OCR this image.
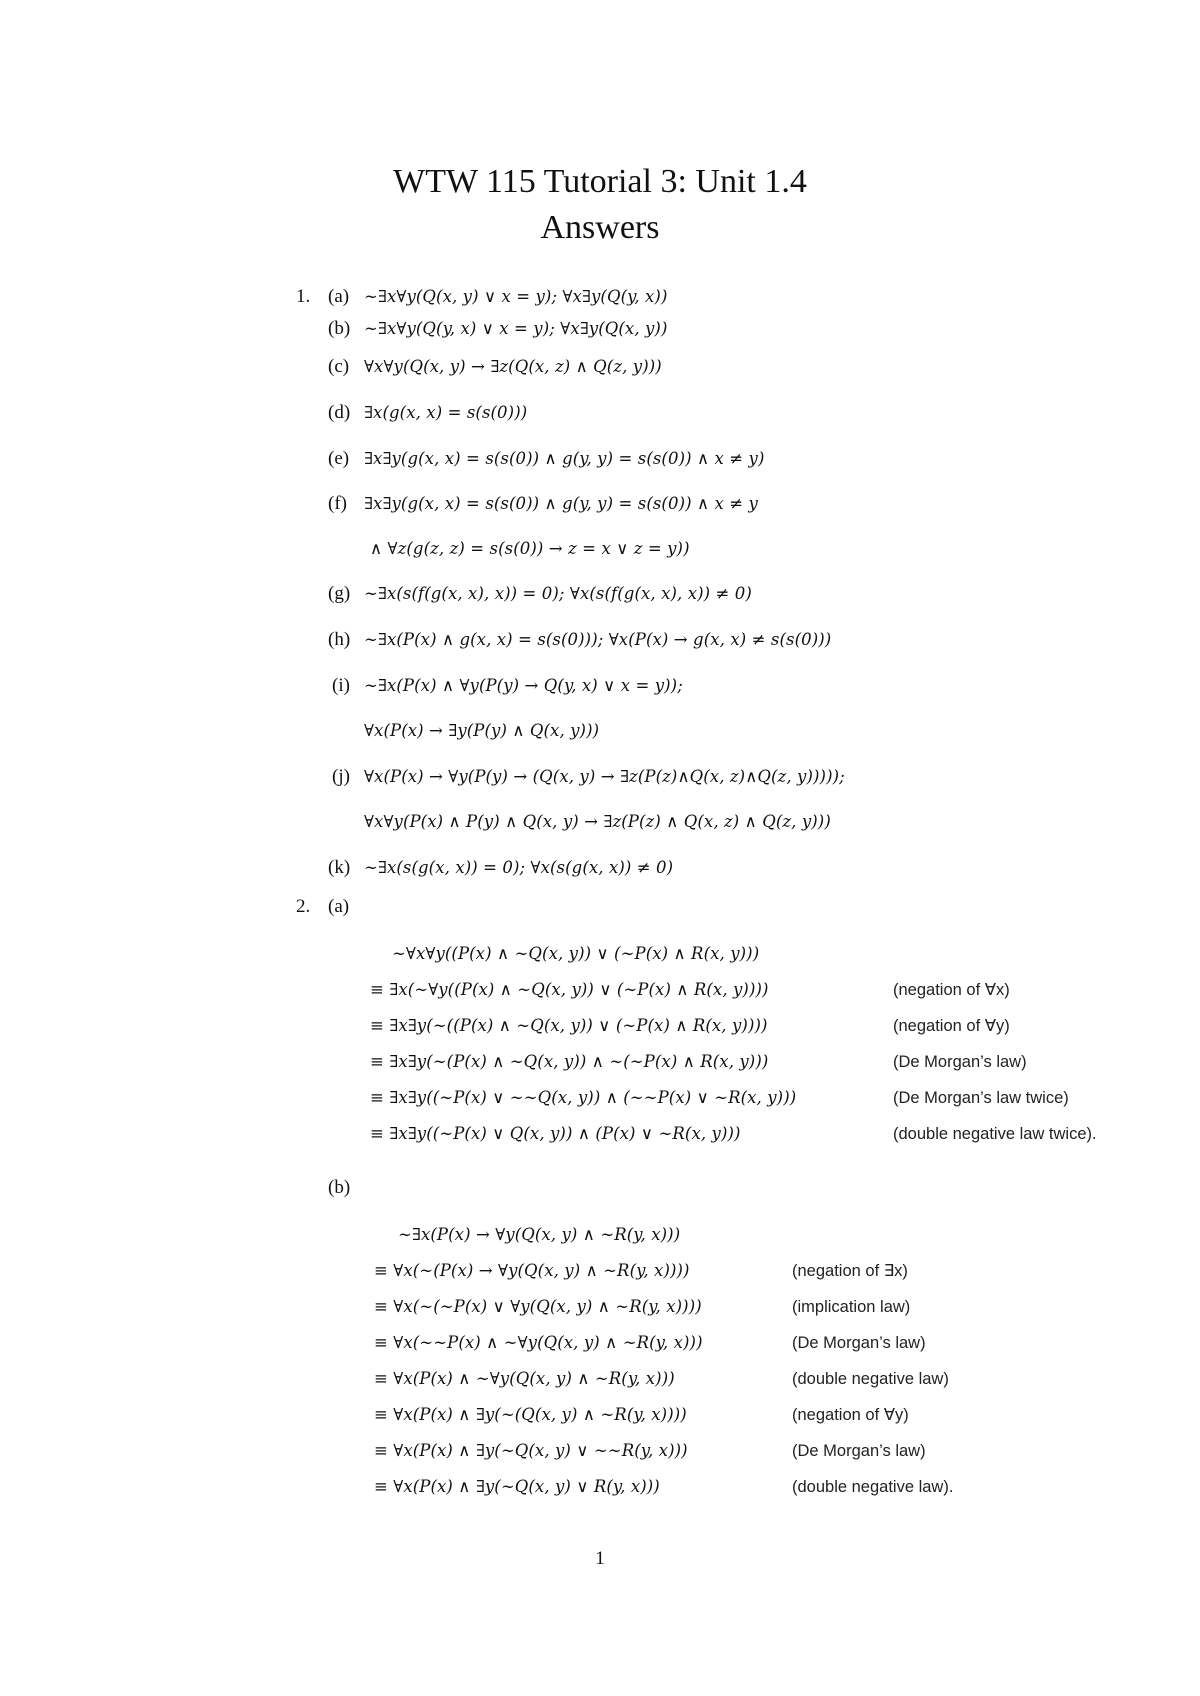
WTW 115 Tutorial 3: Unit 1.4
Answers
1. (a) ∼∃x∀y(Q(x, y) ∨ x = y); ∀x∃y(Q(y, x))
(b) ∼∃x∀y(Q(y, x) ∨ x = y); ∀x∃y(Q(x, y))
(c) ∀x∀y(Q(x, y) → ∃z(Q(x, z) ∧ Q(z, y)))
(d) ∃x(g(x, x) = s(s(0)))
(e) ∃x∃y(g(x, x) = s(s(0)) ∧ g(y, y) = s(s(0)) ∧ x ≠ y)
(f) ∃x∃y(g(x, x) = s(s(0)) ∧ g(y, y) = s(s(0)) ∧ x ≠ y
∧ ∀z(g(z, z) = s(s(0)) → z = x ∨ z = y))
(g) ∼∃x(s(f(g(x, x), x)) = 0); ∀x(s(f(g(x, x), x)) ≠ 0)
(h) ∼∃x(P(x) ∧ g(x, x) = s(s(0))); ∀x(P(x) → g(x, x) ≠ s(s(0)))
(i) ∼∃x(P(x) ∧ ∀y(P(y) → Q(y, x) ∨ x = y));
∀x(P(x) → ∃y(P(y) ∧ Q(x, y)))
(j) ∀x(P(x) → ∀y(P(y) → (Q(x, y) → ∃z(P(z)∧Q(x, z)∧Q(z, y)))));
∀x∀y(P(x) ∧ P(y) ∧ Q(x, y) → ∃z(P(z) ∧ Q(x, z) ∧ Q(z, y)))
(k) ∼∃x(s(g(x, x)) = 0); ∀x(s(g(x, x)) ≠ 0)
2. (a)
∼∀x∀y((P(x) ∧ ∼Q(x, y)) ∨ (∼P(x) ∧ R(x, y)))
≡ ∃x(∼∀y((P(x) ∧ ∼Q(x, y)) ∨ (∼P(x) ∧ R(x, y))))	(negation of ∀x)
≡ ∃x∃y(∼((P(x) ∧ ∼Q(x, y)) ∨ (∼P(x) ∧ R(x, y))))	(negation of ∀y)
≡ ∃x∃y(∼(P(x) ∧ ∼Q(x, y)) ∧ ∼(∼P(x) ∧ R(x, y)))	(De Morgan’s law)
≡ ∃x∃y((∼P(x) ∨ ∼∼Q(x, y)) ∧ (∼∼P(x) ∨ ∼R(x, y)))	(De Morgan’s law twice)
≡ ∃x∃y((∼P(x) ∨ Q(x, y)) ∧ (P(x) ∨ ∼R(x, y)))	(double negative law twice).
(b)
∼∃x(P(x) → ∀y(Q(x, y) ∧ ∼R(y, x)))
≡ ∀x(∼(P(x) → ∀y(Q(x, y) ∧ ∼R(y, x))))	(negation of ∃x)
≡ ∀x(∼(∼P(x) ∨ ∀y(Q(x, y) ∧ ∼R(y, x))))	(implication law)
≡ ∀x(∼∼P(x) ∧ ∼∀y(Q(x, y) ∧ ∼R(y, x)))	(De Morgan’s law)
≡ ∀x(P(x) ∧ ∼∀y(Q(x, y) ∧ ∼R(y, x)))	(double negative law)
≡ ∀x(P(x) ∧ ∃y(∼(Q(x, y) ∧ ∼R(y, x))))	(negation of ∀y)
≡ ∀x(P(x) ∧ ∃y(∼Q(x, y) ∨ ∼∼R(y, x)))	(De Morgan’s law)
≡ ∀x(P(x) ∧ ∃y(∼Q(x, y) ∨ R(y, x)))	(double negative law).
1
